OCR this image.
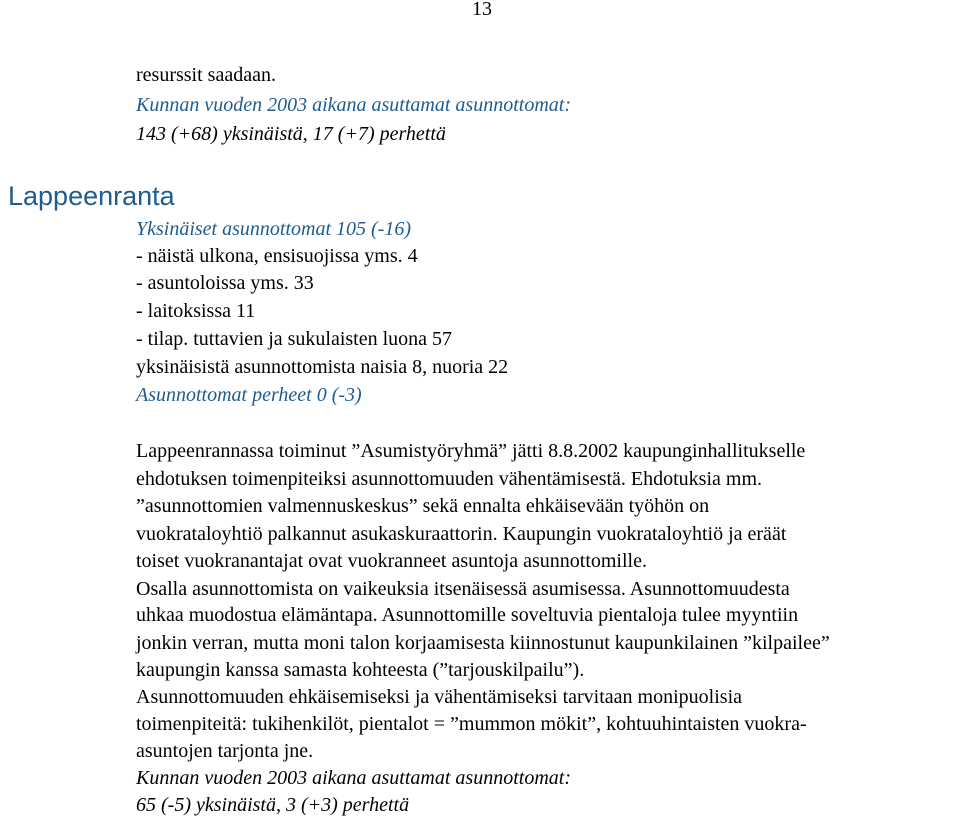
13
resurssit saadaan.
Kunnan vuoden 2003 aikana asuttamat asunnottomat:
143 (+68) yksinäistä, 17 (+7) perhettä
Lappeenranta
Yksinäiset asunnottomat 105 (-16)
- näistä ulkona, ensisuojissa yms. 4
- asuntoloissa yms. 33
- laitoksissa 11
- tilap. tuttavien ja sukulaisten luona 57
yksinäisistä asunnottomista naisia 8, nuoria 22
Asunnottomat perheet 0 (-3)
Lappeenrannassa toiminut ”Asumistyöryhmä” jätti 8.8.2002 kaupunginhallitukselle
ehdotuksen toimenpiteiksi asunnottomuuden vähentämisestä. Ehdotuksia mm.
”asunnottomien valmennuskeskus” sekä ennalta ehkäisevään työhön on
vuokrataloyhtiö palkannut asukaskuraattorin. Kaupungin vuokrataloyhtiö ja eräät
toiset vuokranantajat ovat vuokranneet asuntoja asunnottomille.
Osalla asunnottomista on vaikeuksia itsenäisessä asumisessa. Asunnottomuudesta
uhkaa muodostua elämäntapa. Asunnottomille soveltuvia pientaloja tulee myyntiin
jonkin verran, mutta moni talon korjaamisesta kiinnostunut kaupunkilainen ”kilpailee”
kaupungin kanssa samasta kohteesta (”tarjouskilpailu”).
Asunnottomuuden ehkäisemiseksi ja vähentämiseksi tarvitaan monipuolisia
toimenpiteitä: tukihenkilöt, pientalot = ”mummon mökit”, kohtuuhintaisten vuokra-
asuntojen tarjonta jne.
Kunnan vuoden 2003 aikana asuttamat asunnottomat:
65 (-5) yksinäistä, 3 (+3) perhettä
